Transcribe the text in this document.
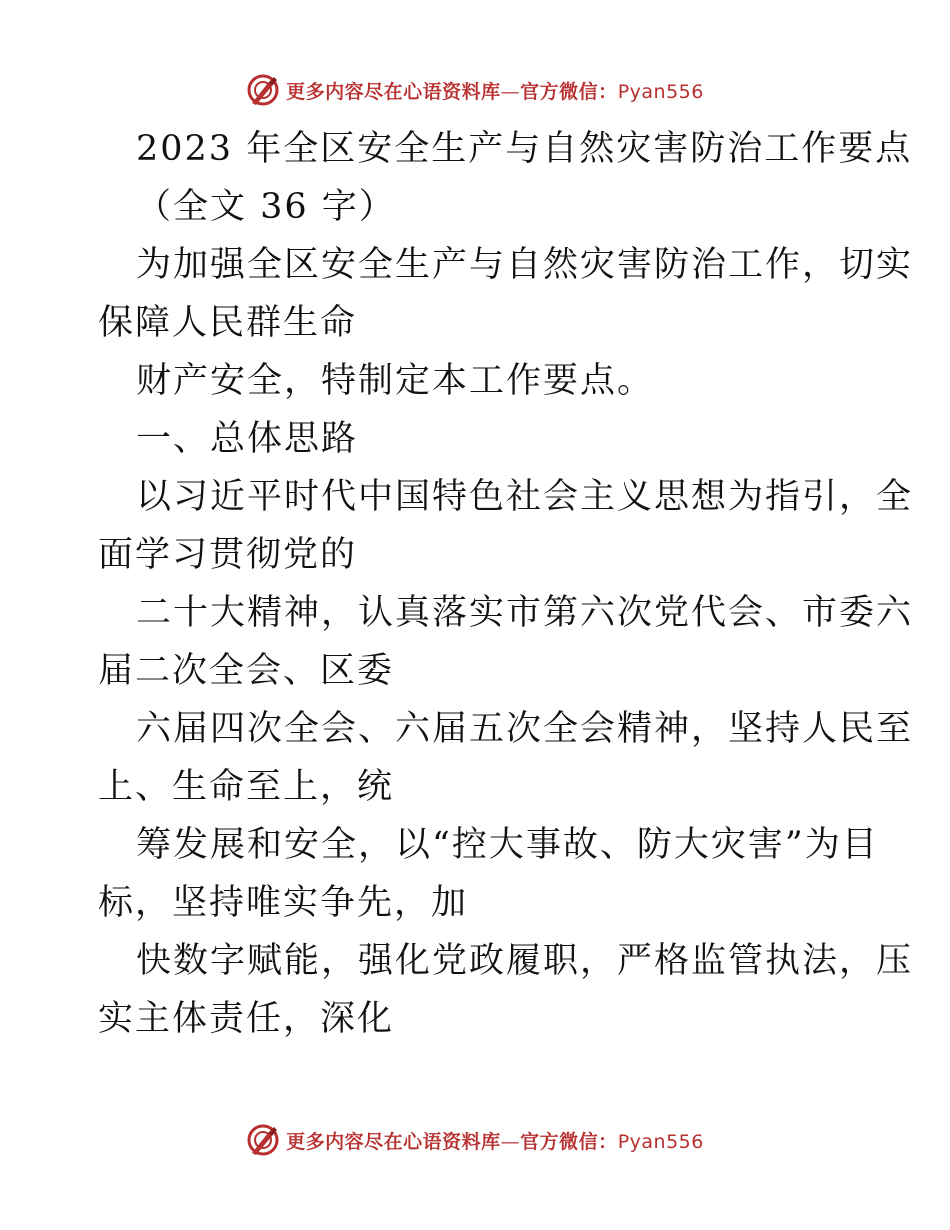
更多内容尽在心语资料库—官方微信：Pyan556
2023 年全区安全生产与自然灾害防治工作要点
（全文 36 字）
为加强全区安全生产与自然灾害防治工作，切实
保障人民群生命
财产安全，特制定本工作要点。
一、总体思路
以习近平时代中国特色社会主义思想为指引，全
面学习贯彻党的
二十大精神，认真落实市第六次党代会、市委六
届二次全会、区委
六届四次全会、六届五次全会精神，坚持人民至
上、生命至上，统
筹发展和安全，以“控大事故、防大灾害”为目
标，坚持唯实争先，加
快数字赋能，强化党政履职，严格监管执法，压
实主体责任，深化
更多内容尽在心语资料库—官方微信：Pyan556
